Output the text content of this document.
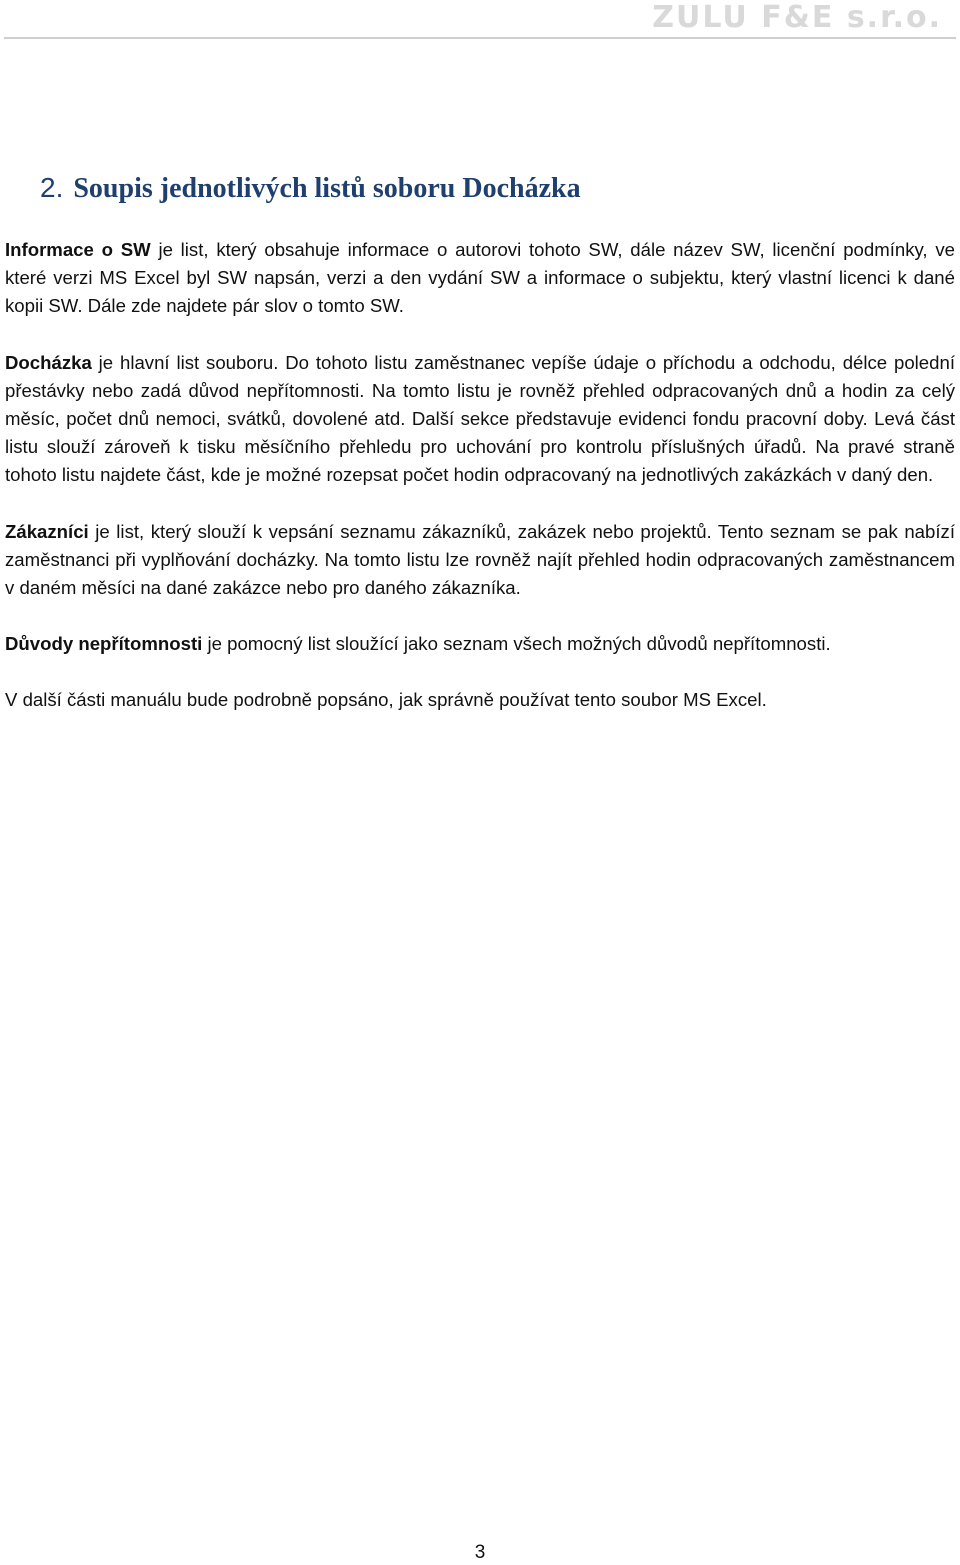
ZULU F&E s.r.o.
2. Soupis jednotlivých listů soboru Docházka

Informace o SW je list, který obsahuje informace o autorovi tohoto SW, dále název SW, licenční podmínky, ve které verzi MS Excel byl SW napsán, verzi a den vydání SW a informace o subjektu, který vlastní licenci k dané kopii SW. Dále zde najdete pár slov o tomto SW.

Docházka je hlavní list souboru. Do tohoto listu zaměstnanec vepíše údaje o příchodu a odchodu, délce polední přestávky nebo zadá důvod nepřítomnosti. Na tomto listu je rovněž přehled odpracovaných dnů a hodin za celý měsíc, počet dnů nemoci, svátků, dovolené atd. Další sekce představuje evidenci fondu pracovní doby. Levá část listu slouží zároveň k tisku měsíčního přehledu pro uchování pro kontrolu příslušných úřadů. Na pravé straně tohoto listu najdete část, kde je možné rozepsat počet hodin odpracovaný na jednotlivých zakázkách v daný den.

Zákazníci je list, který slouží k vepsání seznamu zákazníků, zakázek nebo projektů. Tento seznam se pak nabízí zaměstnanci při vyplňování docházky. Na tomto listu lze rovněž najít přehled hodin odpracovaných zaměstnancem v daném měsíci na dané zakázce nebo pro daného zákazníka.

Důvody nepřítomnosti je pomocný list sloužící jako seznam všech možných důvodů nepřítomnosti.

V další části manuálu bude podrobně popsáno, jak správně používat tento soubor MS Excel.

3
